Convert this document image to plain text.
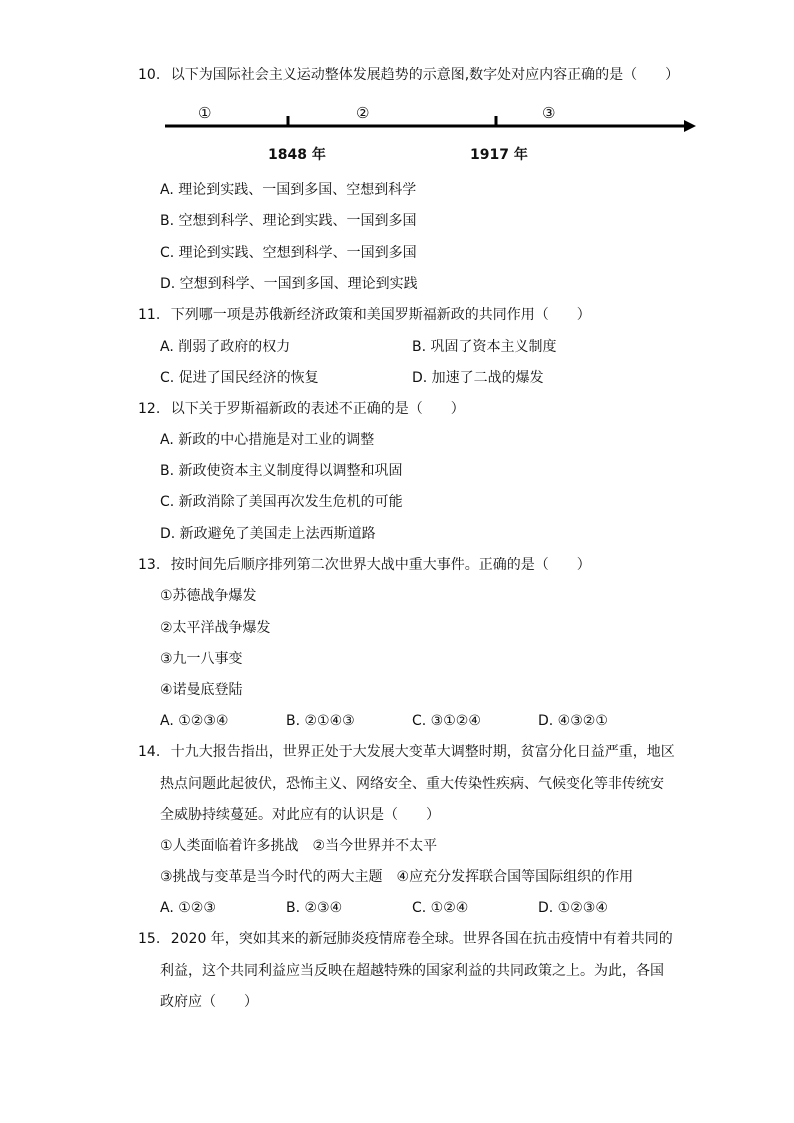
10. 以下为国际社会主义运动整体发展趋势的示意图,数字处对应内容正确的是（　　）
①	②	③
1848 年	1917 年
A. 理论到实践、一国到多国、空想到科学
B. 空想到科学、理论到实践、一国到多国
C. 理论到实践、空想到科学、一国到多国
D. 空想到科学、一国到多国、理论到实践
11. 下列哪一项是苏俄新经济政策和美国罗斯福新政的共同作用（　　）
A. 削弱了政府的权力	B. 巩固了资本主义制度
C. 促进了国民经济的恢复	D. 加速了二战的爆发
12. 以下关于罗斯福新政的表述不正确的是（　　）
A. 新政的中心措施是对工业的调整
B. 新政使资本主义制度得以调整和巩固
C. 新政消除了美国再次发生危机的可能
D. 新政避免了美国走上法西斯道路
13. 按时间先后顺序排列第二次世界大战中重大事件。正确的是（　　）
①苏德战争爆发
②太平洋战争爆发
③九一八事变
④诺曼底登陆
A. ①②③④	B. ②①④③	C. ③①②④	D. ④③②①
14. 十九大报告指出，世界正处于大发展大变革大调整时期，贫富分化日益严重，地区
热点问题此起彼伏，恐怖主义、网络安全、重大传染性疾病、气候变化等非传统安
全威胁持续蔓延。对此应有的认识是（　　）
①人类面临着许多挑战　②当今世界并不太平
③挑战与变革是当今时代的两大主题　④应充分发挥联合国等国际组织的作用
A. ①②③	B. ②③④	C. ①②④	D. ①②③④
15. 2020 年，突如其来的新冠肺炎疫情席卷全球。世界各国在抗击疫情中有着共同的
利益，这个共同利益应当反映在超越特殊的国家利益的共同政策之上。为此，各国
政府应（　　）
